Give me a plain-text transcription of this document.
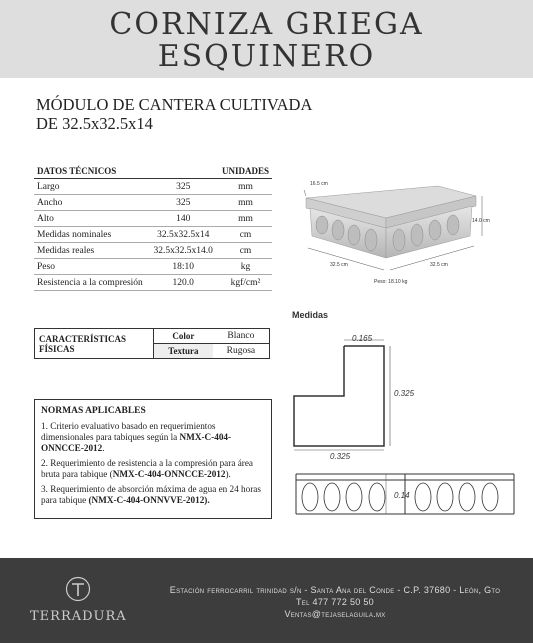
CORNIZA GRIEGA
ESQUINERO
MÓDULO DE CANTERA CULTIVADA
DE 32.5x32.5x14
DATOS TÉCNICOS		UNIDADES
Largo	325	mm
Ancho	325	mm
Alto	140	mm
Medidas nominales	32.5x32.5x14	cm
Medidas reales	32.5x32.5x14.0	cm
Peso	18:10	kg
Resistencia a la compresión	120.0	kgf/cm²
16.5 cm
14.0 cm
32.5 cm	32.5 cm
Peso: 18.10 kg
Medidas
CARACTERÍSTICAS FÍSICAS	Color	Blanco
	Textura	Rugosa
NORMAS APLICABLES

1. Criterio evaluativo basado en requerimientos dimensionales para tabiques según la NMX-C-404-ONNCCE-2012.

2. Requerimiento de resistencia a la compresión para área bruta para tabique (NMX-C-404-ONNCCE-2012).

3. Requerimiento de absorción máxima de agua en 24 horas para tabique (NMX-C-404-ONNVVE-2012).

0.165
0.325
0.325
0.14
TERRADURA
Estación ferrocarril trinidad s/n - Santa Ana del Conde - C.P. 37680 - León, Gto
Tel 477 772 50 50
Ventas@tejaselaguila.mx
